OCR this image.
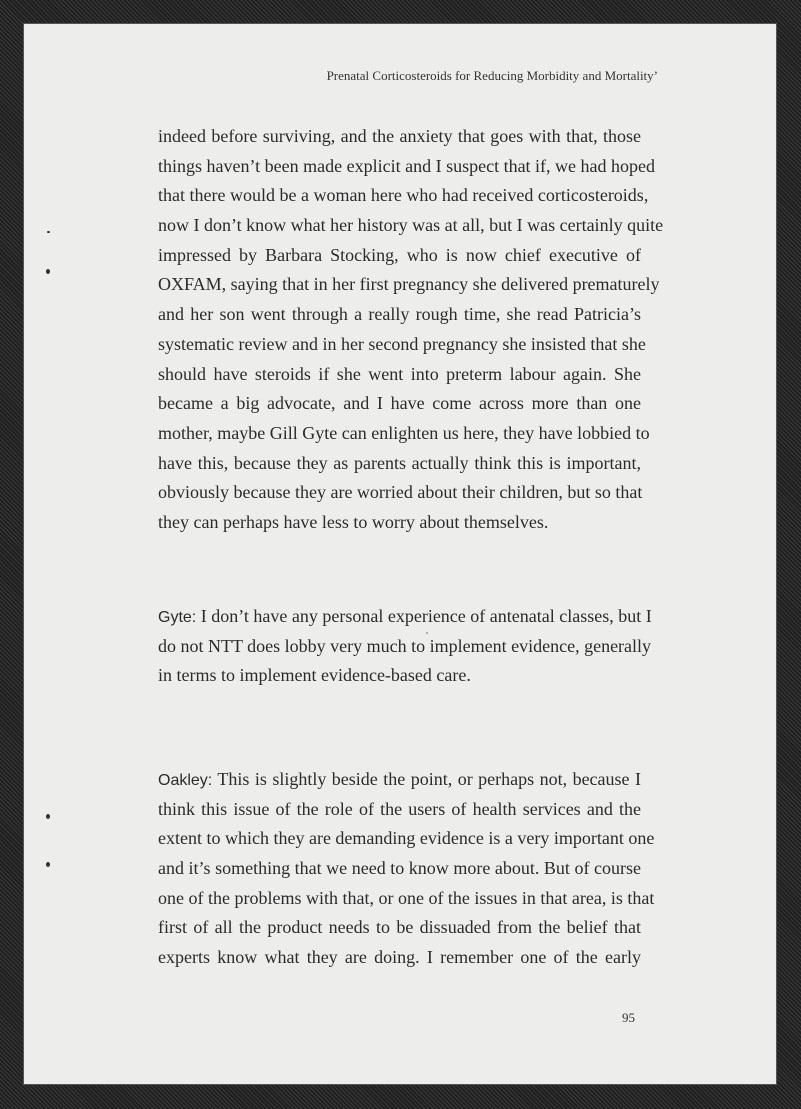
Prenatal Corticosteroids for Reducing Morbidity and Mortality’
indeed before surviving, and the anxiety that goes with that, those
things haven’t been made explicit and I suspect that if, we had hoped
that there would be a woman here who had received corticosteroids,
now I don’t know what her history was at all, but I was certainly quite
impressed by Barbara Stocking, who is now chief executive of
OXFAM, saying that in her first pregnancy she delivered prematurely
and her son went through a really rough time, she read Patricia’s
systematic review and in her second pregnancy she insisted that she
should have steroids if she went into preterm labour again. She
became a big advocate, and I have come across more than one
mother, maybe Gill Gyte can enlighten us here, they have lobbied to
have this, because they as parents actually think this is important,
obviously because they are worried about their children, but so that
they can perhaps have less to worry about themselves.
Gyte: I don’t have any personal experience of antenatal classes, but I
do not NTT does lobby very much to implement evidence, generally
in terms to implement evidence-based care.
Oakley: This is slightly beside the point, or perhaps not, because I
think this issue of the role of the users of health services and the
extent to which they are demanding evidence is a very important one
and it’s something that we need to know more about. But of course
one of the problems with that, or one of the issues in that area, is that
first of all the product needs to be dissuaded from the belief that
experts know what they are doing. I remember one of the early
95
